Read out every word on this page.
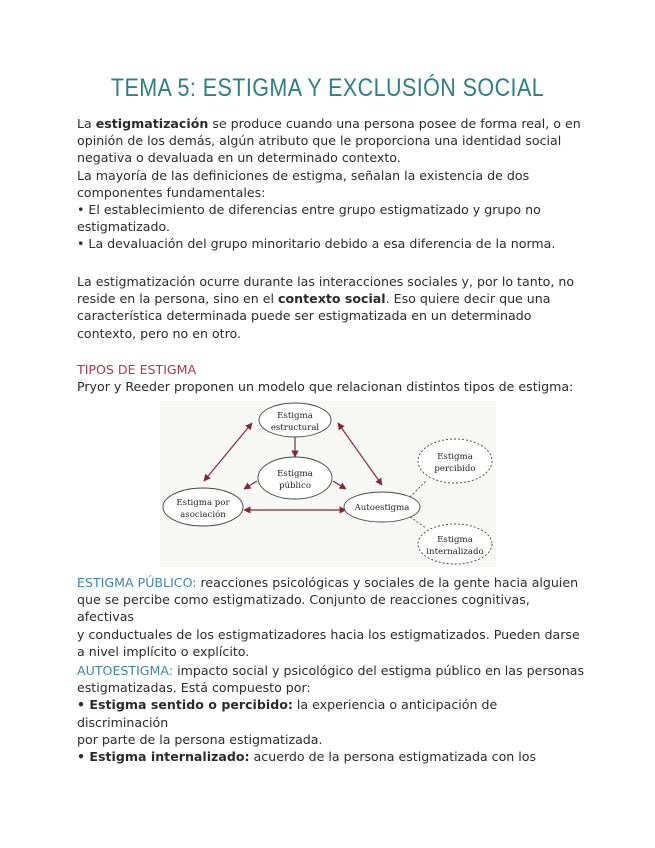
TEMA 5: ESTIGMA Y EXCLUSIÓN SOCIAL

La estigmatización se produce cuando una persona posee de forma real, o en

opinión de los demás, algún atributo que le proporciona una identidad social

negativa o devaluada en un determinado contexto.

La mayoría de las definiciones de estigma, señalan la existencia de dos

componentes fundamentales:

• El establecimiento de diferencias entre grupo estigmatizado y grupo no

estigmatizado.

• La devaluación del grupo minoritario debido a esa diferencia de la norma.

La estigmatización ocurre durante las interacciones sociales y, por lo tanto, no

reside en la persona, sino en el contexto social. Eso quiere decir que una

característica determinada puede ser estigmatizada en un determinado

contexto, pero no en otro.

TIPOS DE ESTIGMA

Pryor y Reeder proponen un modelo que relacionan distintos tipos de estigma:

Estigma
estructural
Estigma
público
Estigma por
asociación
Autoestigma
Estigma
percibido
Estigma
internalizado

ESTIGMA PÚBLICO: reacciones psicológicas y sociales de la gente hacia alguien

que se percibe como estigmatizado. Conjunto de reacciones cognitivas, afectivas

y conductuales de los estigmatizadores hacia los estigmatizados. Pueden darse

a nivel implícito o explícito.

AUTOESTIGMA: impacto social y psicológico del estigma público en las personas

estigmatizadas. Está compuesto por:

• Estigma sentido o percibido: la experiencia o anticipación de discriminación

por parte de la persona estigmatizada.

• Estigma internalizado: acuerdo de la persona estigmatizada con los
